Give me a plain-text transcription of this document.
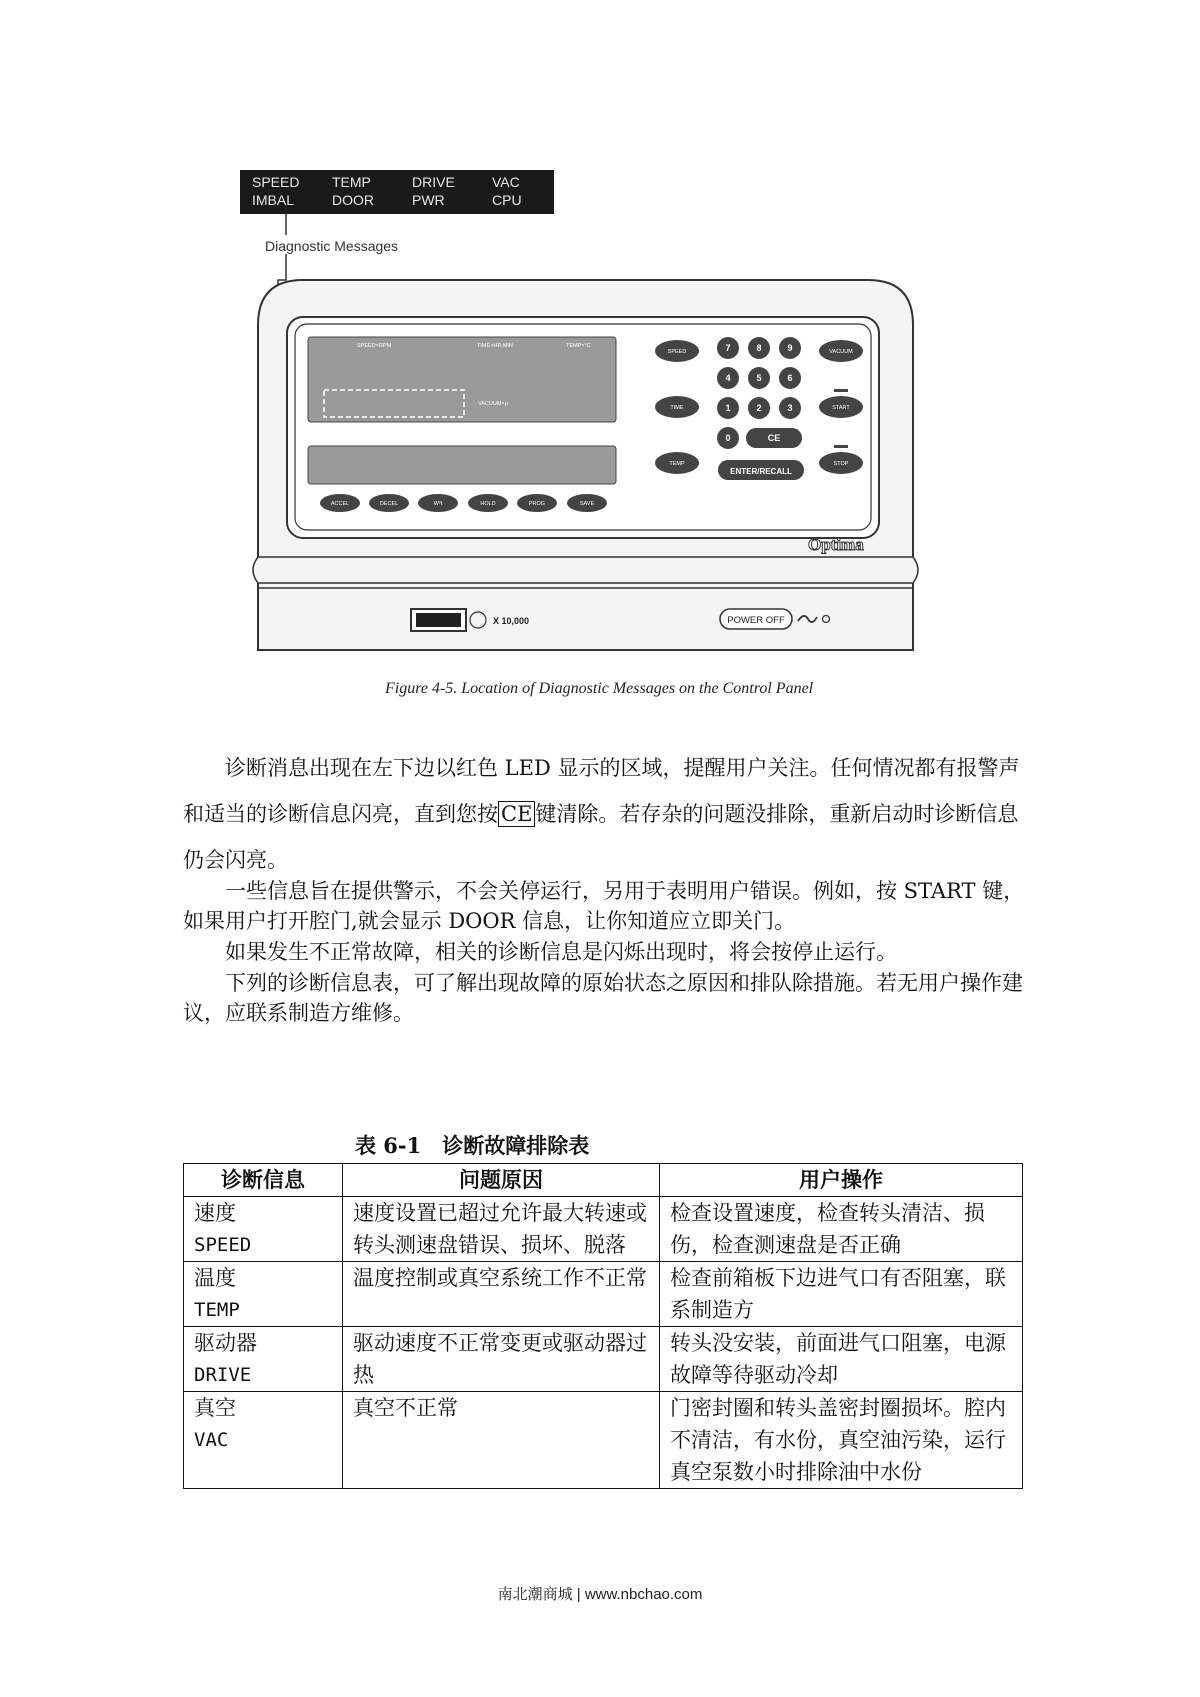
SPEED TEMP	DRIVE	VAC
IMBAL	DOOR	PWR	CPU
Diagnostic Messages
SPEED×RPM	TIME×HR:MIN	TEMP×°C
VACUUM×μ
ACCEL	DECEL	W²t	HOLD	PROG	SAVE
SPEED
TIME
TEMP
7	8	9
4	5	6
1	2	3
0	CE
ENTER/RECALL
VACUUM
START
STOP
Optima
X 10,000	POWER OFF
Figure 4-5. Location of Diagnostic Messages on the Control Panel

　　诊断消息出现在左下边以红色 LED 显示的区域，提醒用户关注。任何情况都有报警声和适当的诊断信息闪亮，直到您按 CE 键清除。若存杂的问题没排除，重新启动时诊断信息仍会闪亮。

　　一些信息旨在提供警示，不会关停运行，另用于表明用户错误。例如，按 START 键，如果用户打开腔门,就会显示 DOOR 信息，让你知道应立即关门。

　　如果发生不正常故障，相关的诊断信息是闪烁出现时，将会按停止运行。

　　下列的诊断信息表，可了解出现故障的原始状态之原因和排队除措施。若无用户操作建议，应联系制造方维修。

表 6-1　诊断故障排除表
诊断信息	问题原因	用户操作

速度
SPEED	速度设置已超过允许最大转速或转头测速盘错误、损坏、脱落	检查设置速度，检查转头清洁、损伤，检查测速盘是否正确

温度
TEMP	温度控制或真空系统工作不正常	检查前箱板下边进气口有否阻塞，联系制造方

驱动器
DRIVE	驱动速度不正常变更或驱动器过热	转头没安装，前面进气口阻塞，电源故障等待驱动冷却

真空
VAC	真空不正常	门密封圈和转头盖密封圈损坏。腔内不清洁，有水份，真空油污染，运行真空泵数小时排除油中水份
南北潮商城 | www.nbchao.com
